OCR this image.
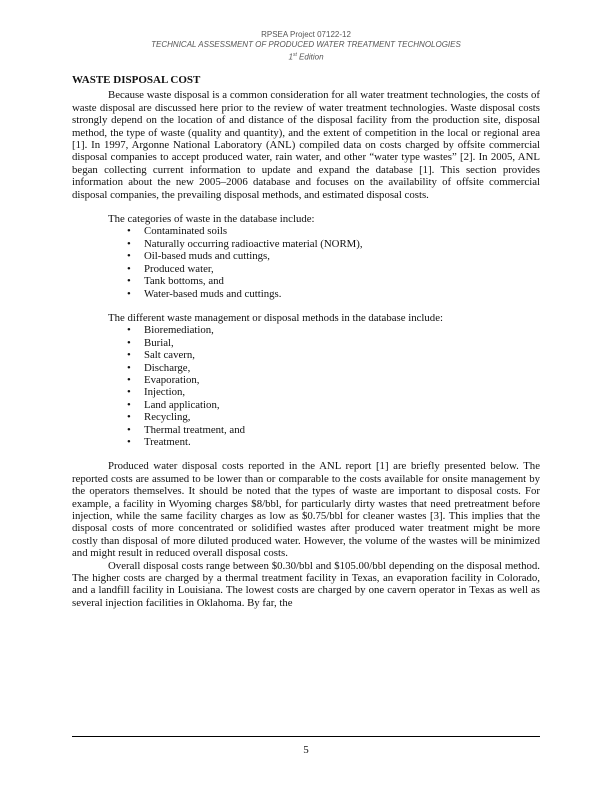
RPSEA Project 07122-12
TECHNICAL ASSESSMENT OF PRODUCED WATER TREATMENT TECHNOLOGIES
1st Edition
WASTE DISPOSAL COST

Because waste disposal is a common consideration for all water treatment technologies, the costs of waste disposal are discussed here prior to the review of water treatment technologies. Waste disposal costs strongly depend on the location of and distance of the disposal facility from the production site, disposal method, the type of waste (quality and quantity), and the extent of competition in the local or regional area [1]. In 1997, Argonne National Laboratory (ANL) compiled data on costs charged by offsite commercial disposal companies to accept produced water, rain water, and other “water type wastes” [2]. In 2005, ANL began collecting current information to update and expand the database [1]. This section provides information about the new 2005–2006 database and focuses on the availability of offsite commercial disposal companies, the prevailing disposal methods, and estimated disposal costs.

The categories of waste in the database include:

• Contaminated soils
• Naturally occurring radioactive material (NORM),
• Oil-based muds and cuttings,
• Produced water,
• Tank bottoms, and
• Water-based muds and cuttings.

The different waste management or disposal methods in the database include:

• Bioremediation,
• Burial,
• Salt cavern,
• Discharge,
• Evaporation,
• Injection,
• Land application,
• Recycling,
• Thermal treatment, and
• Treatment.

Produced water disposal costs reported in the ANL report [1] are briefly presented below. The reported costs are assumed to be lower than or comparable to the costs available for onsite management by the operators themselves. It should be noted that the types of waste are important to disposal costs. For example, a facility in Wyoming charges $8/bbl, for particularly dirty wastes that need pretreatment before injection, while the same facility charges as low as $0.75/bbl for cleaner wastes [3]. This implies that the disposal costs of more concentrated or solidified wastes after produced water treatment might be more costly than disposal of more diluted produced water. However, the volume of the wastes will be minimized and might result in reduced overall disposal costs.

Overall disposal costs range between $0.30/bbl and $105.00/bbl depending on the disposal method. The higher costs are charged by a thermal treatment facility in Texas, an evaporation facility in Colorado, and a landfill facility in Louisiana. The lowest costs are charged by one cavern operator in Texas as well as several injection facilities in Oklahoma. By far, the

5
